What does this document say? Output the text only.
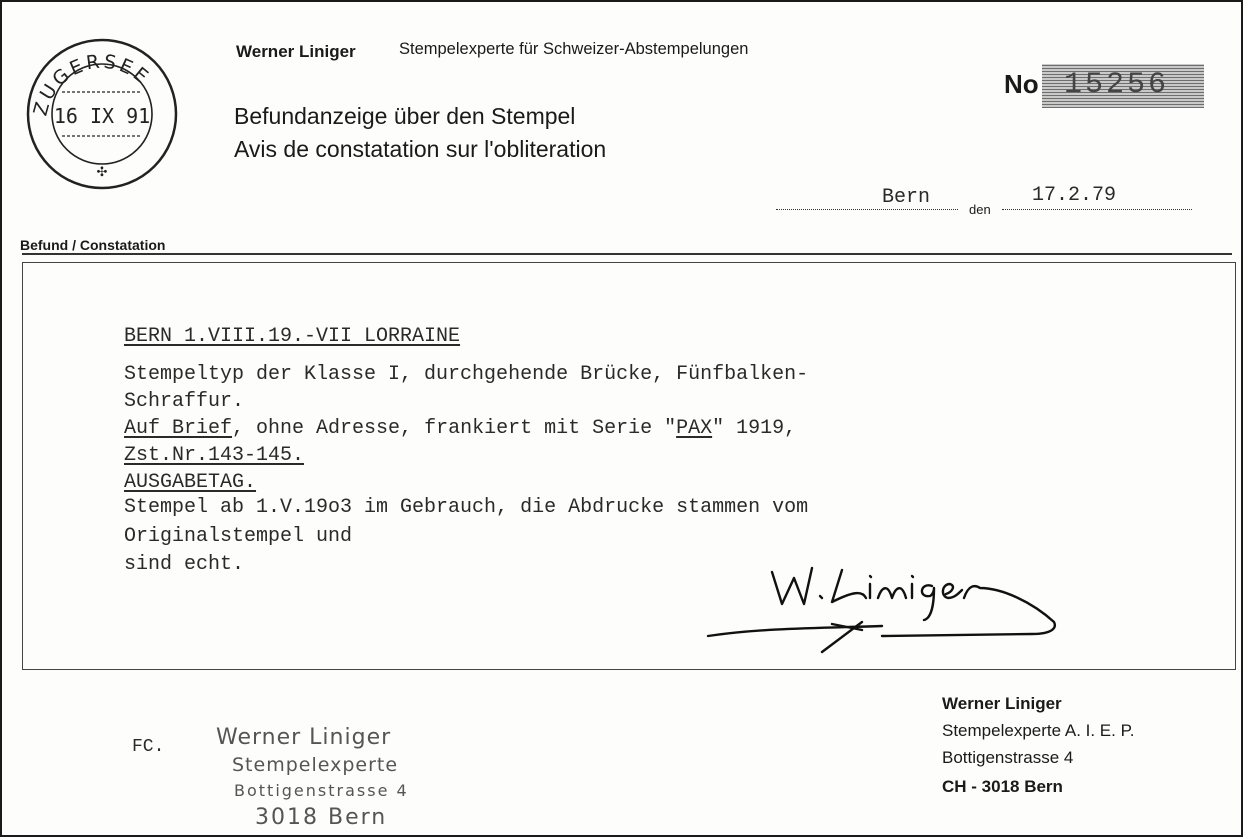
ZUGERSEE
16 IX 91
✣
Werner Liniger	Stempelexperte für Schweizer-Abstempelungen
Befundanzeige über den Stempel
Avis de constatation sur l'obliteration
No 15256
Bern
den
17.2.79
Befund / Constatation
BERN 1.VIII.19.-VII LORRAINE
Stempeltyp der Klasse I, durchgehende Brücke, Fünfbalken-
Schraffur.
Auf Brief, ohne Adresse, frankiert mit Serie "PAX" 1919,
Zst.Nr.143-145.
AUSGABETAG.
Stempel ab 1.V.19o3 im Gebrauch, die Abdrucke stammen vom
Originalstempel und
sind echt.
FC. Werner Liniger
Stempelexperte
Bottigenstrasse 4
3018 Bern
Werner Liniger
Stempelexperte A. I. E. P.
Bottigenstrasse 4
CH - 3018 Bern
